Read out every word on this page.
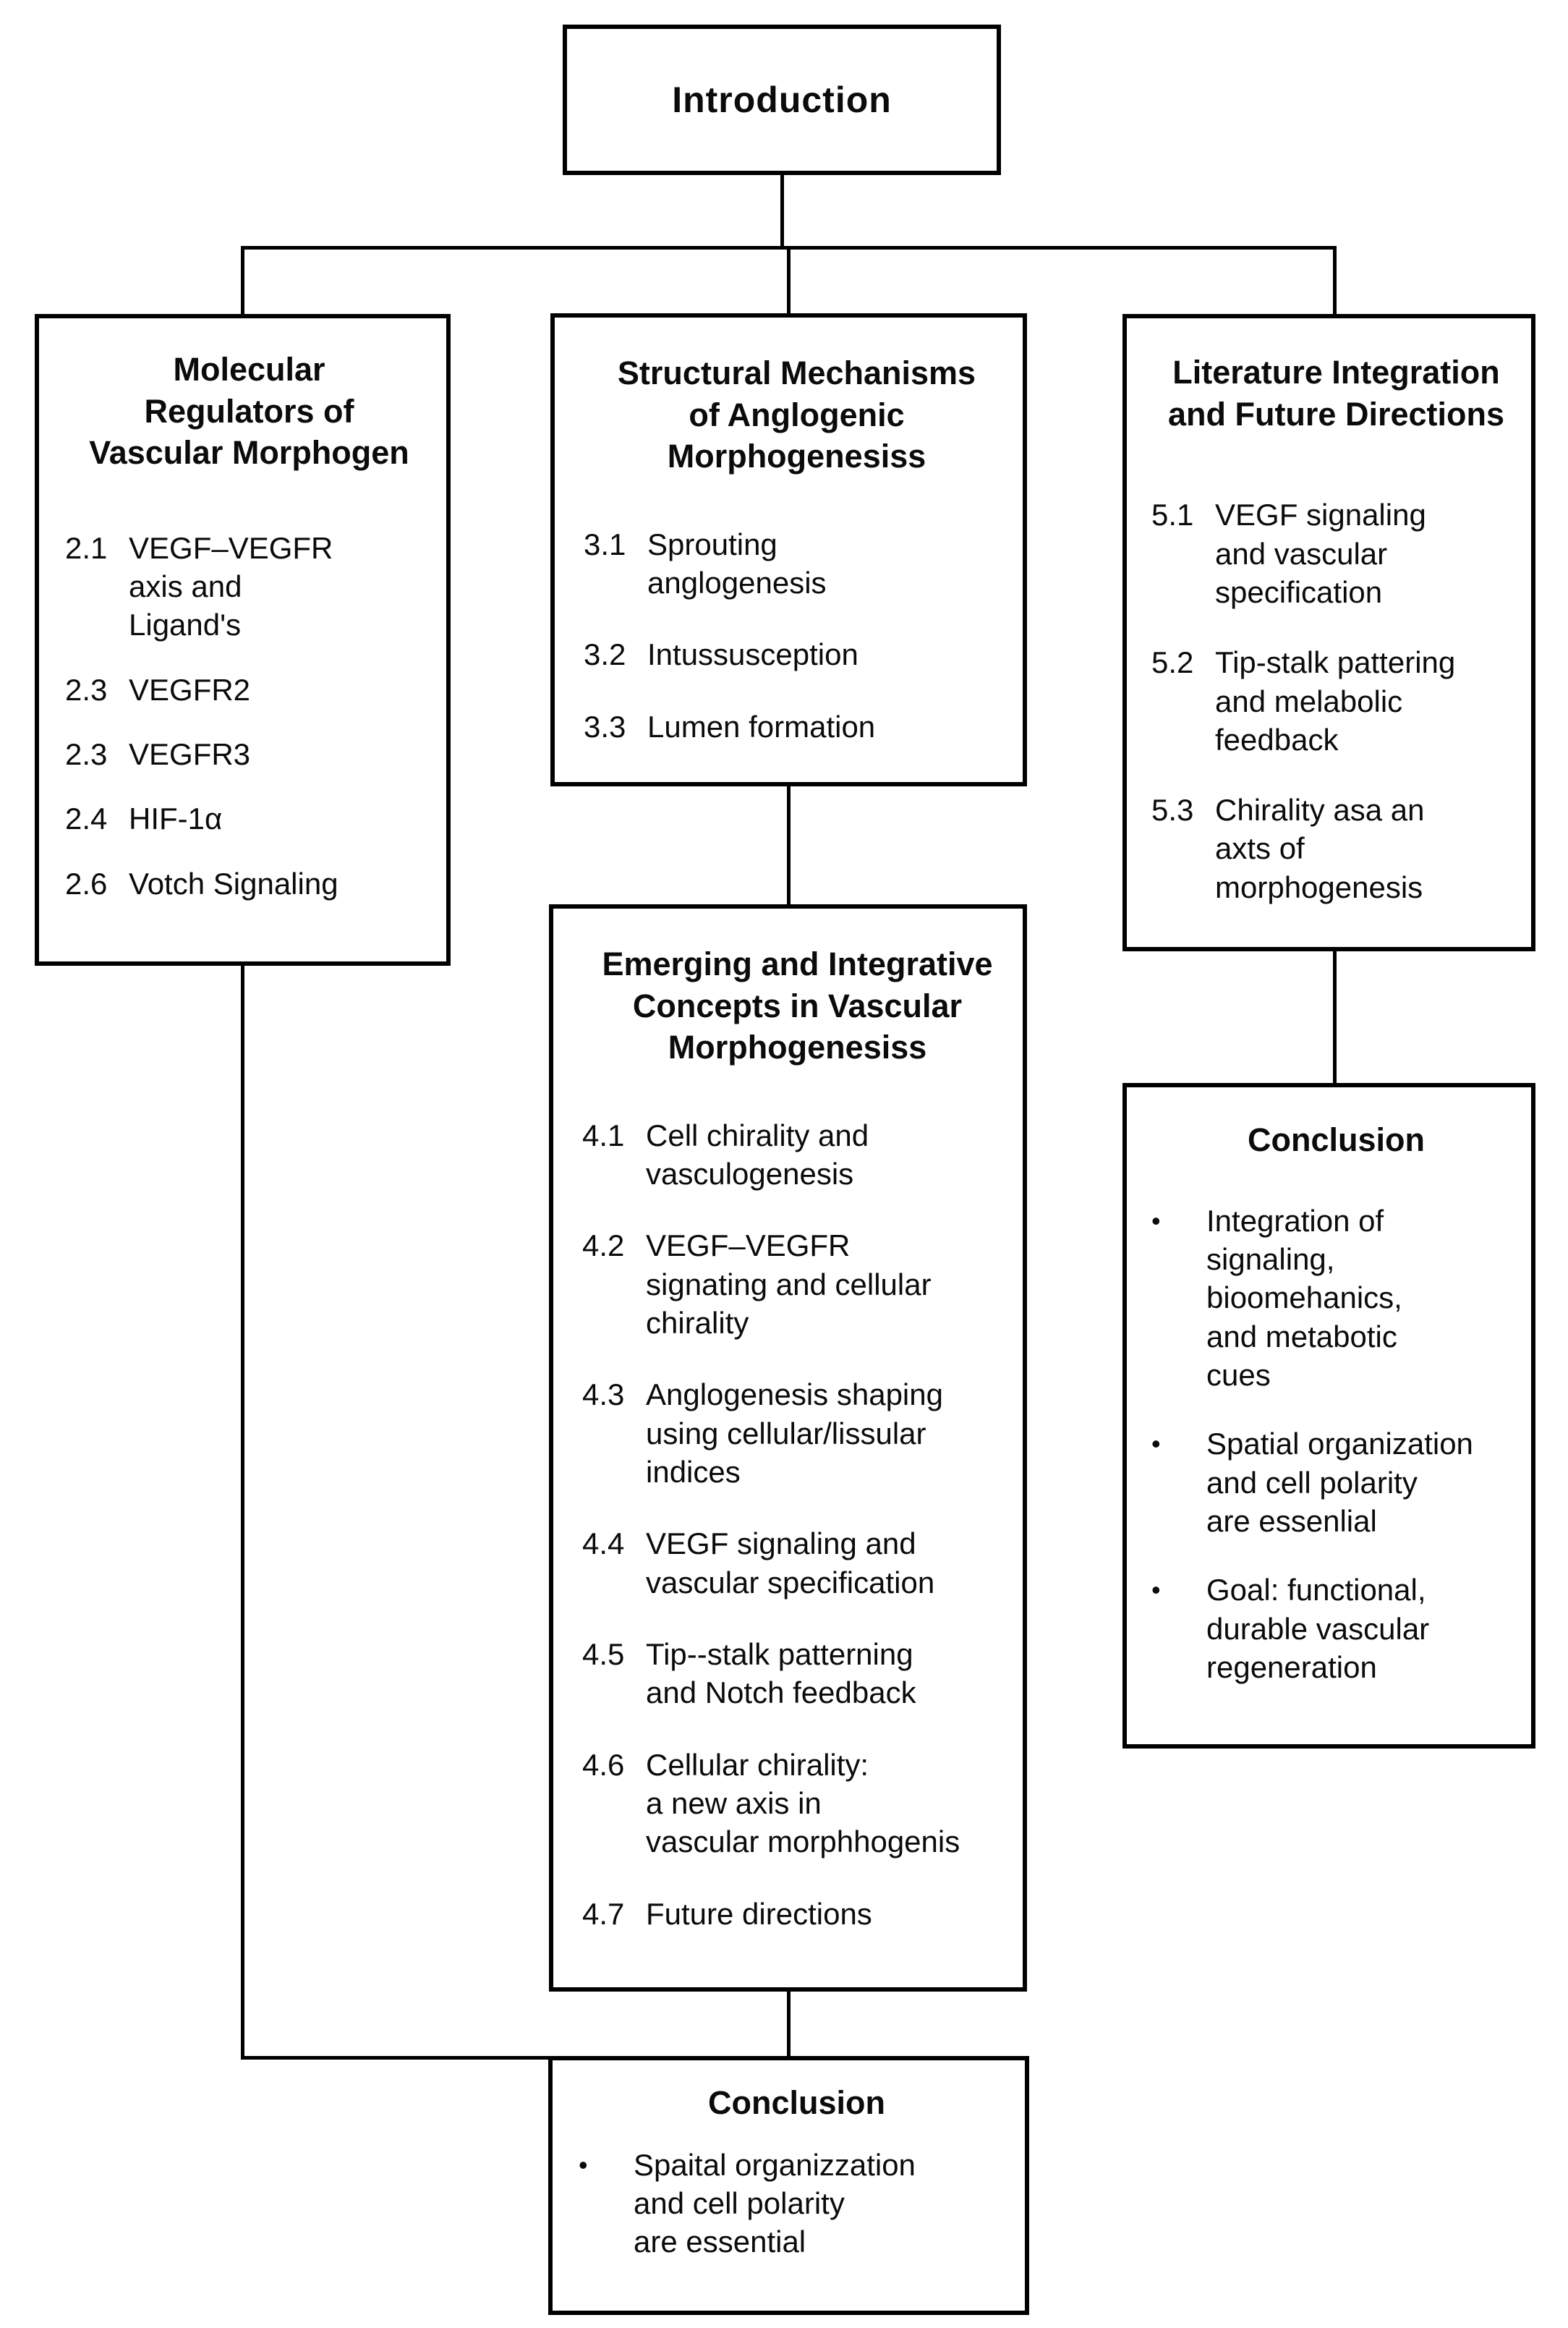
Introduction
Molecular
Regulators of
Vascular Morphogen
2.1 VEGF–VEGFR
axis and
Ligand's
2.3 VEGFR2
2.3 VEGFR3
2.4 HIF-1α
2.6 Votch Signaling
Structural Mechanisms
of Anglogenic
Morphogenesiss
3.1 Sprouting
anglogenesis
3.2 Intussusception
3.3 Lumen formation
Emerging and Integrative
Concepts in Vascular
Morphogenesiss
4.1 Cell chirality and
vasculogenesis
4.2 VEGF–VEGFR
signating and cellular
chirality
4.3 Anglogenesis shaping
using cellular/lissular
indices
4.4 VEGF signaling and
vascular specification
4.5 Tip--stalk patterning
and Notch feedback
4.6 Cellular chirality:
a new axis in
vascular morphhogenis
4.7 Future directions
Literature Integration
and Future Directions
5.1 VEGF signaling
and vascular
specification
5.2 Tip-stalk pattering
and melabolic
feedback
5.3 Chirality asa an
axts of
morphogenesis
Conclusion
•	Integration of
signaling,
bioomehanics,
and metabotic
cues
•	Spatial organization
and cell polarity
are essenlial
•	Goal: functional,
durable vascular
regeneration
Conclusion
•	Spaital organizzation
and cell polarity
are essential
